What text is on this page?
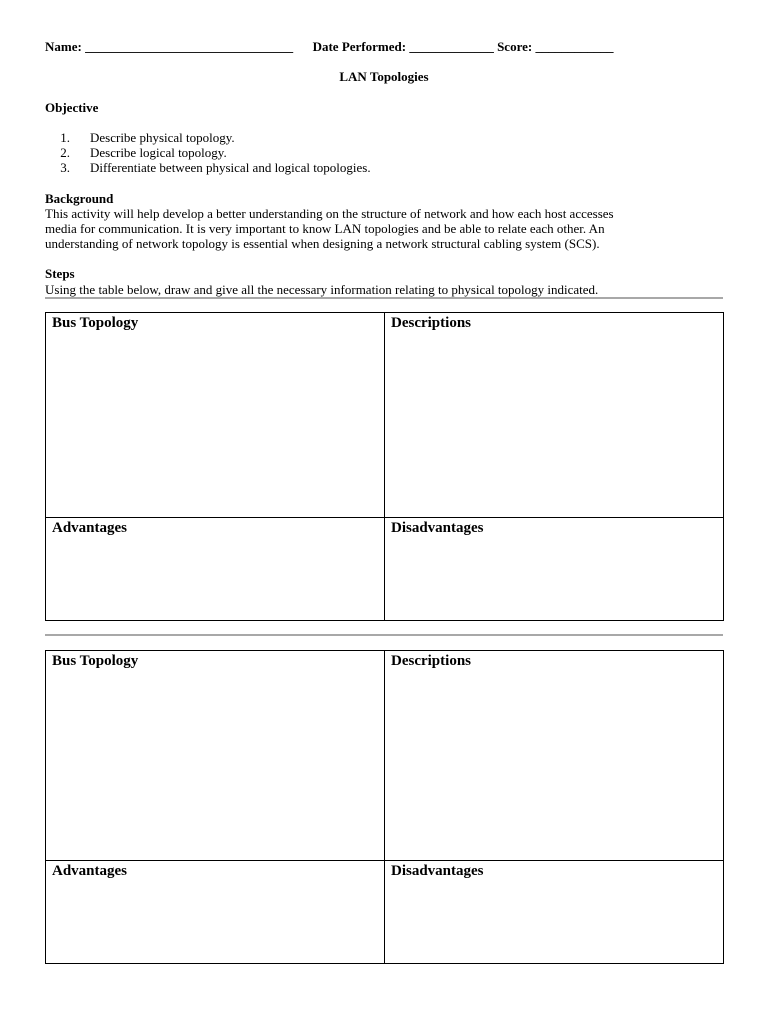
Name: ________________________________ Date Performed: _____________ Score: ____________
LAN Topologies
Objective
1.	Describe physical topology.
2.	Describe logical topology.
3.	Differentiate between physical and logical topologies.
Background
This activity will help develop a better understanding on the structure of network and how each host accesses
media for communication. It is very important to know LAN topologies and be able to relate each other. An
understanding of network topology is essential when designing a network structural cabling system (SCS).
Steps
Using the table below, draw and give all the necessary information relating to physical topology indicated.
Bus Topology	Descriptions
Advantages	Disadvantages
Bus Topology	Descriptions
Advantages	Disadvantages
